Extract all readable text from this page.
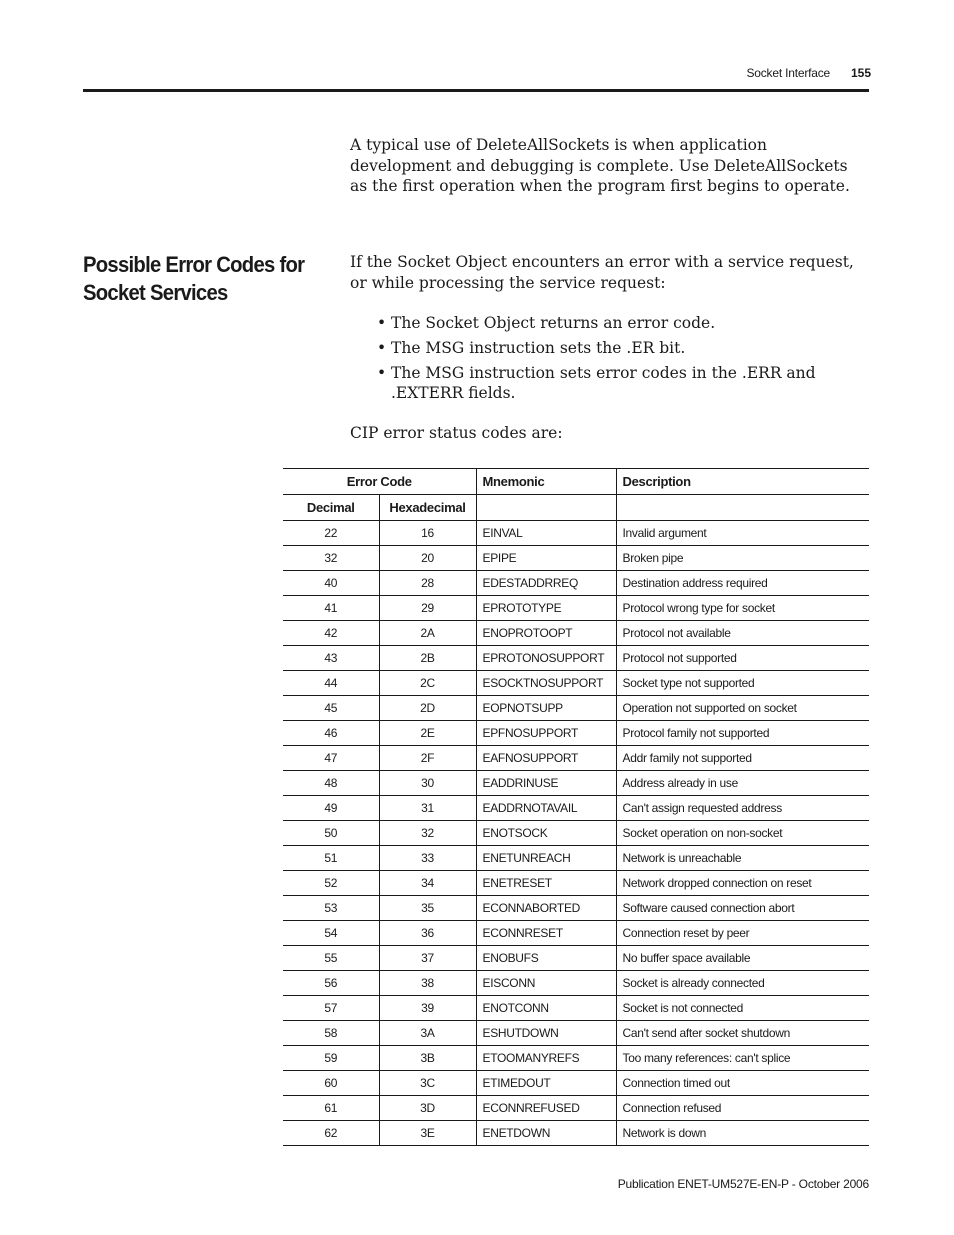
Socket Interface 155

A typical use of DeleteAllSockets is when application development and debugging is complete. Use DeleteAllSockets as the first operation when the program first begins to operate.

Possible Error Codes for Socket Services

If the Socket Object encounters an error with a service request, or while processing the service request:

• The Socket Object returns an error code.
• The MSG instruction sets the .ER bit.
• The MSG instruction sets error codes in the .ERR and .EXTERR fields.

CIP error status codes are:

Error Code		Mnemonic	Description
Decimal	Hexadecimal		
22	16	EINVAL	Invalid argument
32	20	EPIPE	Broken pipe
40	28	EDESTADDRREQ	Destination address required
41	29	EPROTOTYPE	Protocol wrong type for socket
42	2A	ENOPROTOOPT	Protocol not available
43	2B	EPROTONOSUPPORT	Protocol not supported
44	2C	ESOCKTNOSUPPORT	Socket type not supported
45	2D	EOPNOTSUPP	Operation not supported on socket
46	2E	EPFNOSUPPORT	Protocol family not supported
47	2F	EAFNOSUPPORT	Addr family not supported
48	30	EADDRINUSE	Address already in use
49	31	EADDRNOTAVAIL	Can't assign requested address
50	32	ENOTSOCK	Socket operation on non-socket
51	33	ENETUNREACH	Network is unreachable
52	34	ENETRESET	Network dropped connection on reset
53	35	ECONNABORTED	Software caused connection abort
54	36	ECONNRESET	Connection reset by peer
55	37	ENOBUFS	No buffer space available
56	38	EISCONN	Socket is already connected
57	39	ENOTCONN	Socket is not connected
58	3A	ESHUTDOWN	Can't send after socket shutdown
59	3B	ETOOMANYREFS	Too many references: can't splice
60	3C	ETIMEDOUT	Connection timed out
61	3D	ECONNREFUSED	Connection refused
62	3E	ENETDOWN	Network is down
Publication ENET-UM527E-EN-P - October 2006
